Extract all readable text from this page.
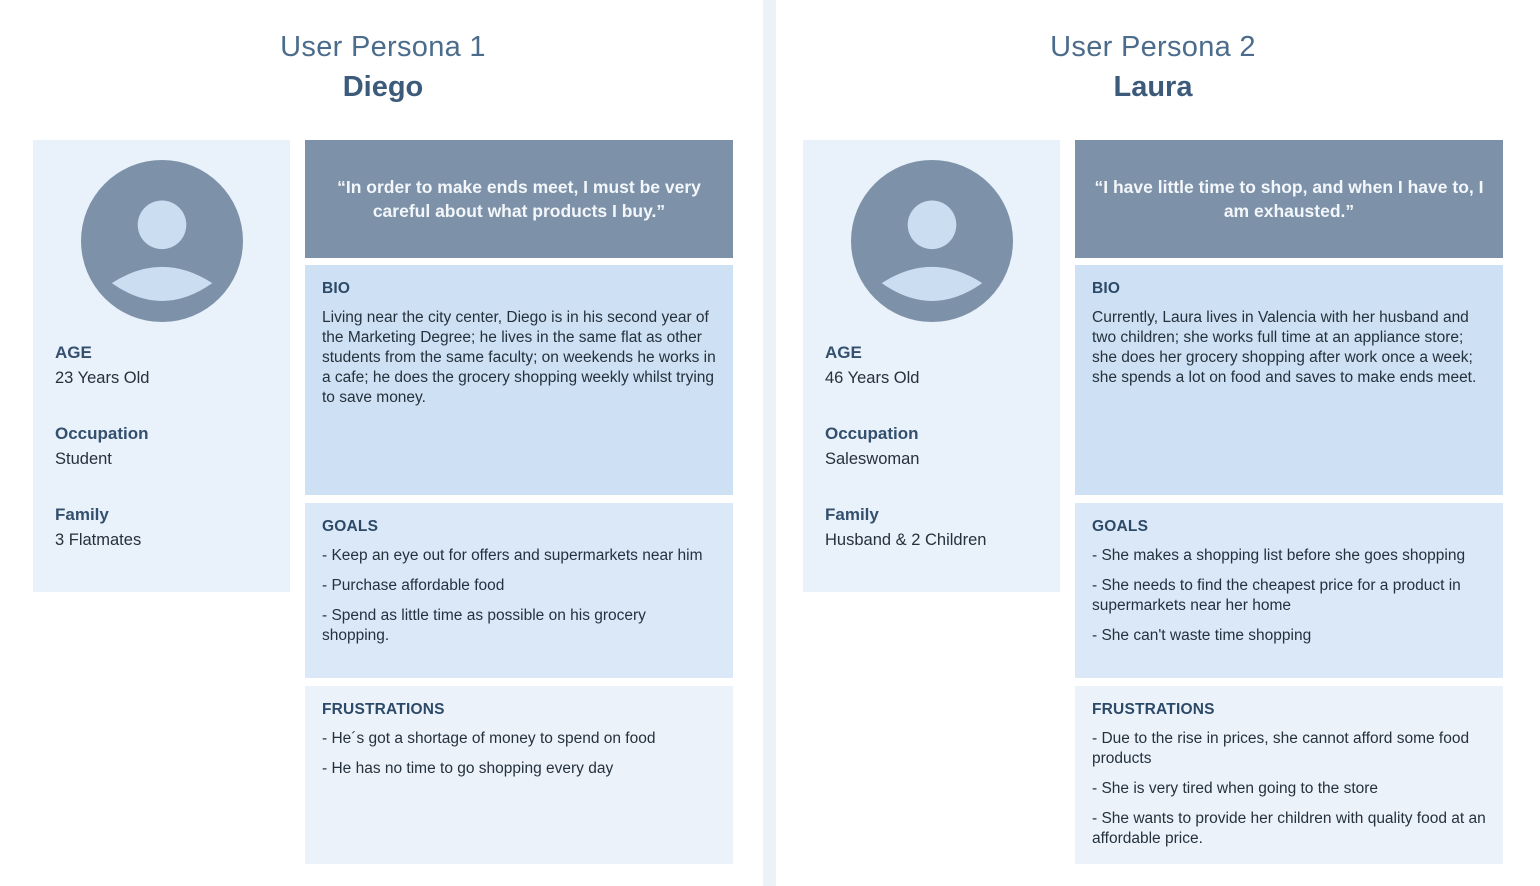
User Persona 1
Diego
AGE
23 Years Old
Occupation
Student
Family
3 Flatmates
“In order to make ends meet, I must be very careful about what products I buy.”
BIO
Living near the city center, Diego is in his second year of the Marketing Degree; he lives in the same flat as other students from the same faculty; on weekends he works in a cafe; he does the grocery shopping weekly whilst trying to save money.
GOALS
- Keep an eye out for offers and supermarkets near him
- Purchase affordable food
- Spend as little time as possible on his grocery shopping.
FRUSTRATIONS
- He´s got a shortage of money to spend on food
- He has no time to go shopping every day
User Persona 2
Laura
AGE
46 Years Old
Occupation
Saleswoman
Family
Husband & 2 Children
“I have little time to shop, and when I have to, I am exhausted.”
BIO
Currently, Laura lives in Valencia with her husband and two children; she works full time at an appliance store; she does her grocery shopping after work once a week; she spends a lot on food and saves to make ends meet.
GOALS
- She makes a shopping list before she goes shopping
- She needs to find the cheapest price for a product in supermarkets near her home
- She can't waste time shopping
FRUSTRATIONS
- Due to the rise in prices, she cannot afford some food products
- She is very tired when going to the store
- She wants to provide her children with quality food at an affordable price.
